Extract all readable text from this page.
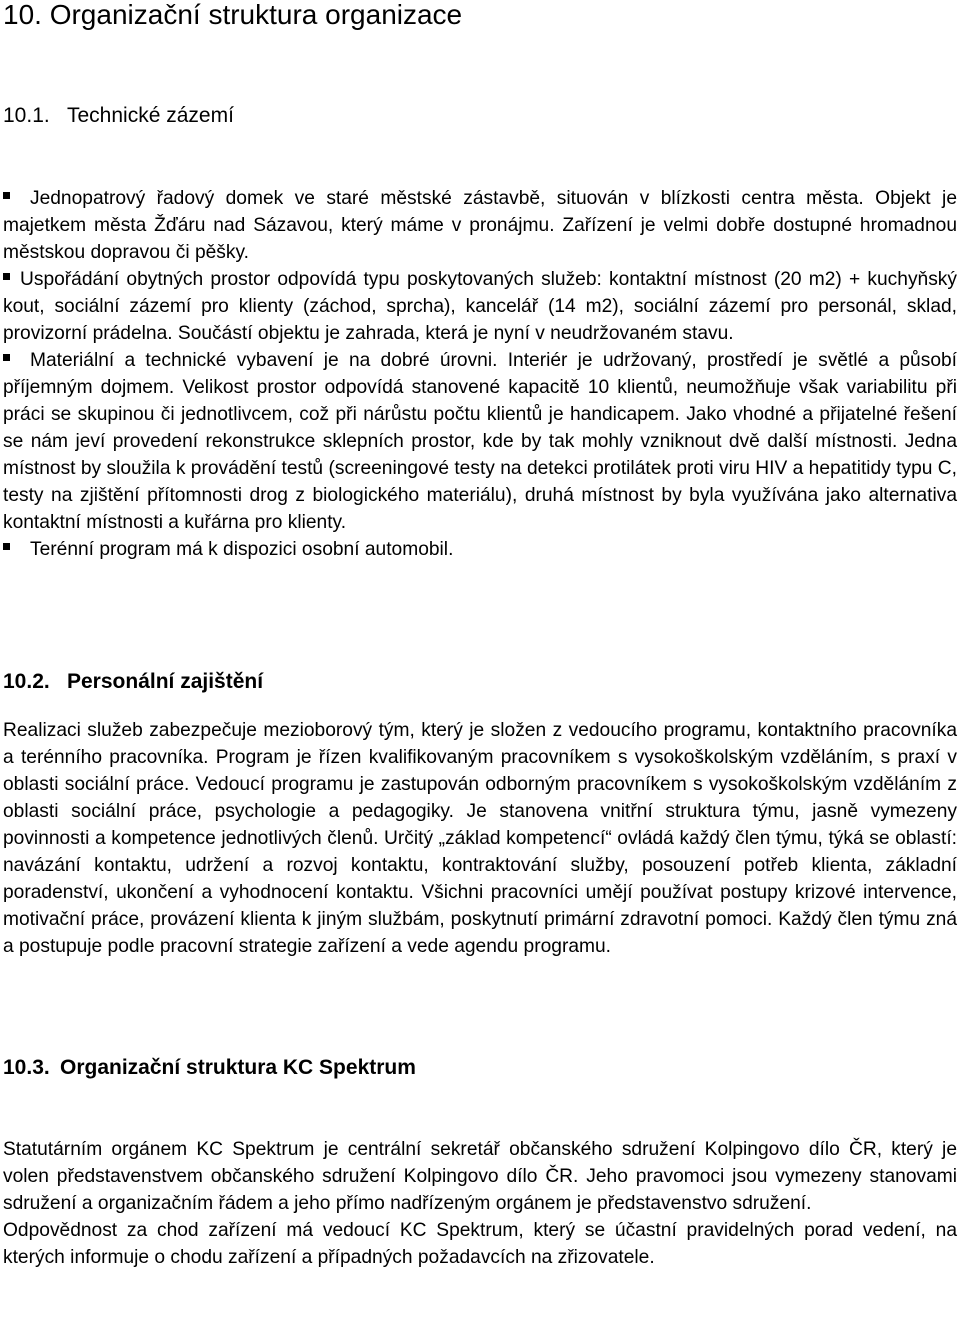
10. Organizační struktura organizace
10.1. Technické zázemí

Jednopatrový řadový domek ve staré městské zástavbě, situován v blízkosti centra města. Objekt je majetkem města Žďáru nad Sázavou, který máme v pronájmu. Zařízení je velmi dobře dostupné hromadnou městskou dopravou či pěšky.

Uspořádání obytných prostor odpovídá typu poskytovaných služeb: kontaktní místnost (20 m2) + kuchyňský kout, sociální zázemí pro klienty (záchod, sprcha), kancelář (14 m2), sociální zázemí pro personál, sklad, provizorní prádelna. Součástí objektu je zahrada, která je nyní v neudržovaném stavu.

Materiální a technické vybavení je na dobré úrovni. Interiér je udržovaný, prostředí je světlé a působí příjemným dojmem. Velikost prostor odpovídá stanovené kapacitě 10 klientů, neumožňuje však variabilitu při práci se skupinou či jednotlivcem, což při nárůstu počtu klientů je handicapem. Jako vhodné a přijatelné řešení se nám jeví provedení rekonstrukce sklepních prostor, kde by tak mohly vzniknout dvě další místnosti. Jedna místnost by sloužila k provádění testů (screeningové testy na detekci protilátek proti viru HIV a hepatitidy typu C, testy na zjištění přítomnosti drog z biologického materiálu), druhá místnost by byla využívána jako alternativa kontaktní místnosti a kuřárna pro klienty.

Terénní program má k dispozici osobní automobil.

10.2. Personální zajištění

Realizaci služeb zabezpečuje mezioborový tým, který je složen z vedoucího programu, kontaktního pracovníka a terénního pracovníka. Program je řízen kvalifikovaným pracovníkem s vysokoškolským vzděláním, s praxí v oblasti sociální práce. Vedoucí programu je zastupován odborným pracovníkem s vysokoškolským vzděláním z oblasti sociální práce, psychologie a pedagogiky. Je stanovena vnitřní struktura týmu, jasně vymezeny povinnosti a kompetence jednotlivých členů. Určitý „základ kompetencí“ ovládá každý člen týmu, týká se oblastí: navázání kontaktu, udržení a rozvoj kontaktu, kontraktování služby, posouzení potřeb klienta, základní poradenství, ukončení a vyhodnocení kontaktu. Všichni pracovníci umějí používat postupy krizové intervence, motivační práce, provázení klienta k jiným službám, poskytnutí primární zdravotní pomoci. Každý člen týmu zná a postupuje podle pracovní strategie zařízení a vede agendu programu.

10.3. Organizační struktura KC Spektrum

Statutárním orgánem KC Spektrum je centrální sekretář občanského sdružení Kolpingovo dílo ČR, který je volen představenstvem občanského sdružení Kolpingovo dílo ČR. Jeho pravomoci jsou vymezeny stanovami sdružení a organizačním řádem a jeho přímo nadřízeným orgánem je představenstvo sdružení.

Odpovědnost za chod zařízení má vedoucí KC Spektrum, který se účastní pravidelných porad vedení, na kterých informuje o chodu zařízení a případných požadavcích na zřizovatele.
